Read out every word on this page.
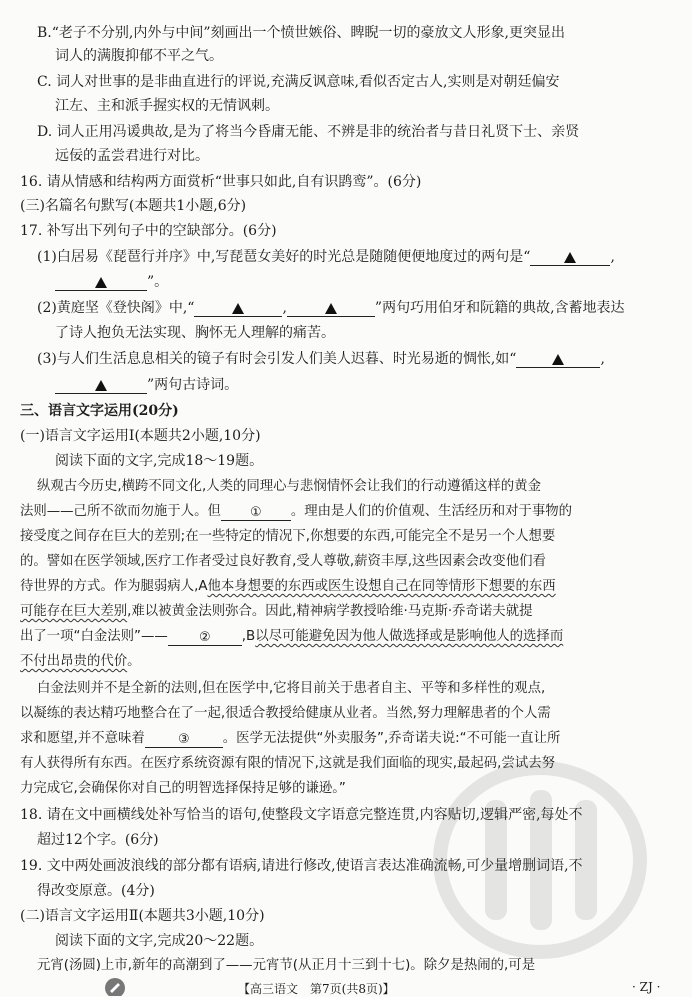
B.“老子不分别,内外与中间”刻画出一个愤世嫉俗、睥睨一切的豪放文人形象,更突显出
词人的满腹抑郁不平之气。
C. 词人对世事的是非曲直进行的评说,充满反讽意味,看似否定古人,实则是对朝廷偏安
江左、主和派手握实权的无情讽刺。
D. 词人正用冯谖典故,是为了将当今昏庸无能、不辨是非的统治者与昔日礼贤下士、亲贤
远佞的孟尝君进行对比。
16. 请从情感和结构两方面赏析“世事只如此,自有识鹍鸾”。(6分)
(三)名篇名句默写(本题共1小题,6分)
17. 补写出下列句子中的空缺部分。(6分)
(1)白居易《琵琶行并序》中,写琵琶女美好的时光总是随随便便地度过的两句是“	,
”。
(2)黄庭坚《登快阁》中,“	,	”两句巧用伯牙和阮籍的典故,含蓄地表达
了诗人抱负无法实现、胸怀无人理解的痛苦。
(3)与人们生活息息相关的镜子有时会引发人们美人迟暮、时光易逝的惆怅,如“	,
”两句古诗词。
三、语言文字运用(20分)
(一)语言文字运用Ⅰ(本题共2小题,10分)
阅读下面的文字,完成18～19题。
纵观古今历史,横跨不同文化,人类的同理心与悲悯情怀会让我们的行动遵循这样的黄金
法则——己所不欲而勿施于人。但 ① 。理由是人们的价值观、生活经历和对于事物的
接受度之间存在巨大的差别;在一些特定的情况下,你想要的东西,可能完全不是另一个人想要
的。譬如在医学领域,医疗工作者受过良好教育,受人尊敬,薪资丰厚,这些因素会改变他们看
待世界的方式。作为腿弱病人,A他本身想要的东西或医生设想自己在同等情形下想要的东西
可能存在巨大差别,难以被黄金法则弥合。因此,精神病学教授哈维·马克斯·乔奇诺夫就提
出了一项“白金法则”—— ② ,B以尽可能避免因为他人做选择或是影响他人的选择而
不付出昂贵的代价。
白金法则并不是全新的法则,但在医学中,它将目前关于患者自主、平等和多样性的观点,
以凝练的表达精巧地整合在了一起,很适合教授给健康从业者。当然,努力理解患者的个人需
求和愿望,并不意味着	③ 。医学无法提供“外卖服务”,乔奇诺夫说:“不可能一直让所
有人获得所有东西。在医疗系统资源有限的情况下,这就是我们面临的现实,最起码,尝试去努
力完成它,会确保你对自己的明智选择保持足够的谦逊。”
18. 请在文中画横线处补写恰当的语句,使整段文字语意完整连贯,内容贴切,逻辑严密,每处不
超过12个字。(6分)
19. 文中两处画波浪线的部分都有语病,请进行修改,使语言表达准确流畅,可少量增删词语,不
得改变原意。(4分)
(二)语言文字运用Ⅱ(本题共3小题,10分)
阅读下面的文字,完成20～22题。
元宵(汤圆)上市,新年的高潮到了——元宵节(从正月十三到十七)。除夕是热闹的,可是
【高三语文　第7页(共8页)】	· ZJ ·
